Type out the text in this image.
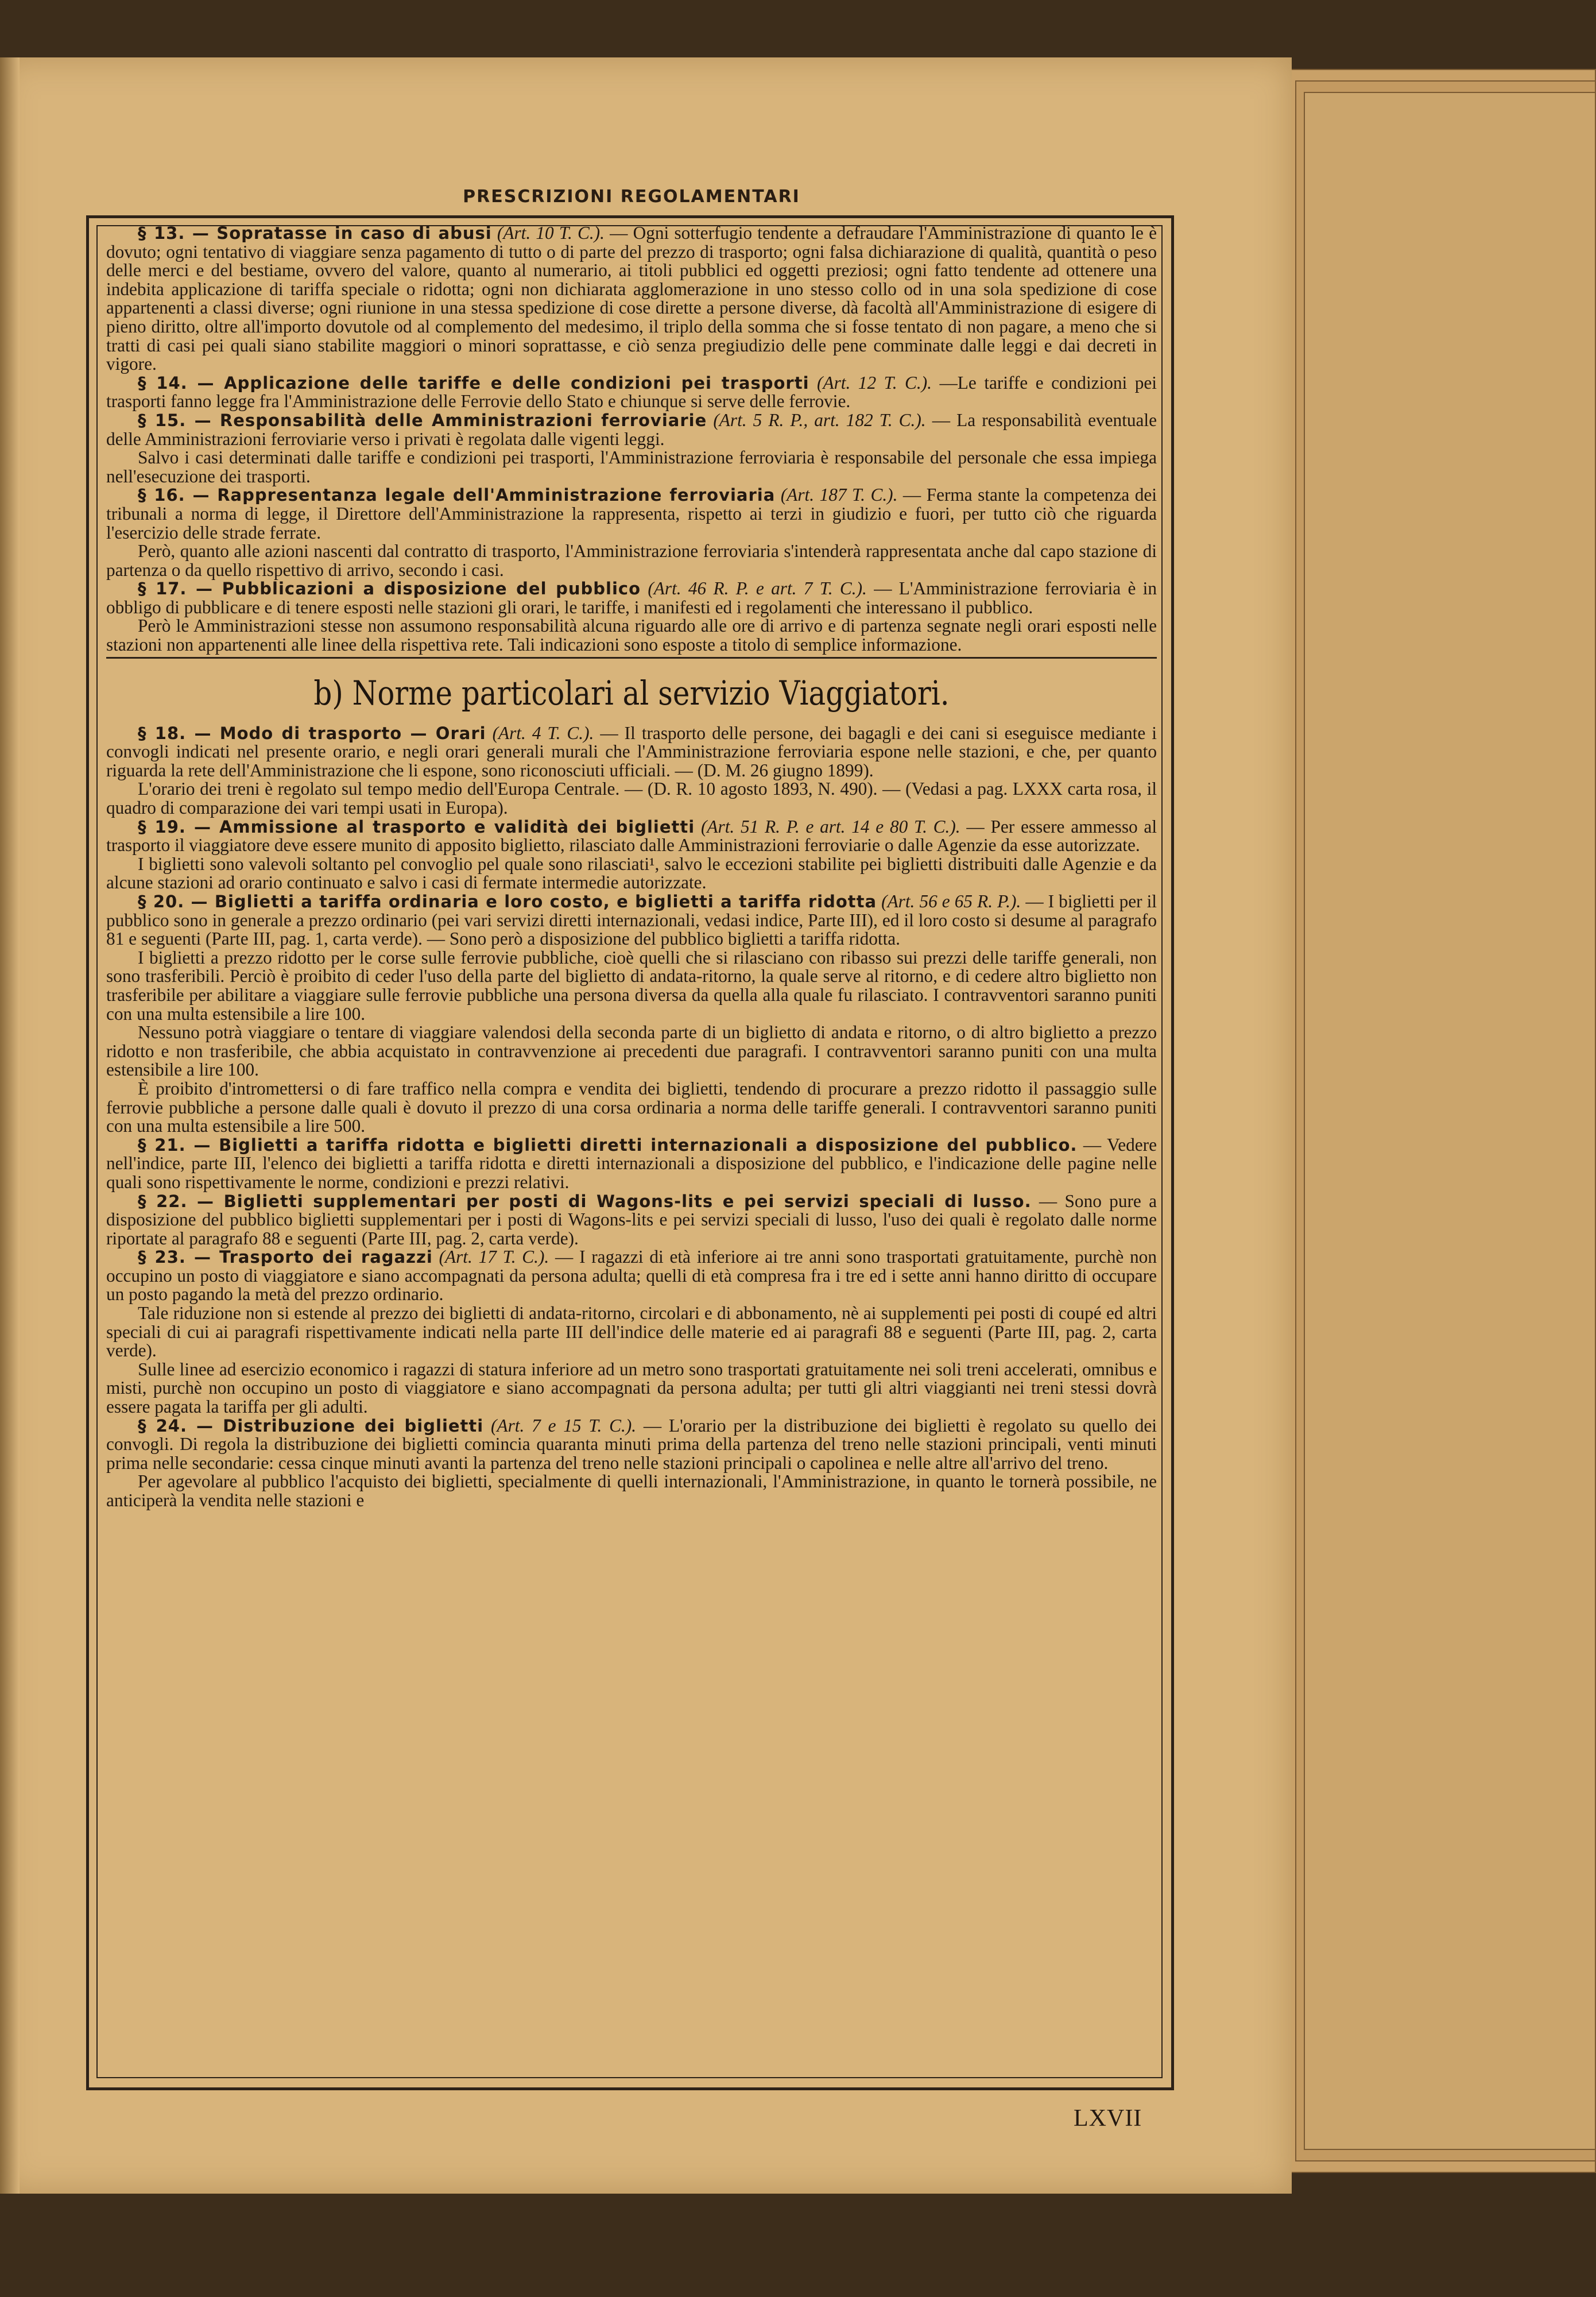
PRESCRIZIONI REGOLAMENTARI

§ 13. — Sopratasse in caso di abusi (Art. 10 T. C.). — Ogni sotterfugio tendente a defraudare l'Amministrazione di quanto le è dovuto; ogni tentativo di viaggiare senza pagamento di tutto o di parte del prezzo di trasporto; ogni falsa dichiarazione di qualità, quantità o peso delle merci e del bestiame, ovvero del valore, quanto al numerario, ai titoli pubblici ed oggetti preziosi; ogni fatto tendente ad ottenere una indebita applicazione di tariffa speciale o ridotta; ogni non dichiarata agglomerazione in uno stesso collo od in una sola spedizione di cose appartenenti a classi diverse; ogni riunione in una stessa spedizione di cose dirette a persone diverse, dà facoltà all'Amministrazione di esigere di pieno diritto, oltre all'importo dovutole od al complemento del medesimo, il triplo della somma che si fosse tentato di non pagare, a meno che si tratti di casi pei quali siano stabilite maggiori o minori soprattasse, e ciò senza pregiudizio delle pene comminate dalle leggi e dai decreti in vigore.

§ 14. — Applicazione delle tariffe e delle condizioni pei trasporti (Art. 12 T. C.). —Le tariffe e condizioni pei trasporti fanno legge fra l'Amministrazione delle Ferrovie dello Stato e chiunque si serve delle ferrovie.

§ 15. — Responsabilità delle Amministrazioni ferroviarie (Art. 5 R. P., art. 182 T. C.). — La responsabilità eventuale delle Amministrazioni ferroviarie verso i privati è regolata dalle vigenti leggi.

Salvo i casi determinati dalle tariffe e condizioni pei trasporti, l'Amministrazione ferroviaria è responsabile del personale che essa impiega nell'esecuzione dei trasporti.

§ 16. — Rappresentanza legale dell'Amministrazione ferroviaria (Art. 187 T. C.). — Ferma stante la competenza dei tribunali a norma di legge, il Direttore dell'Amministrazione la rappresenta, rispetto ai terzi in giudizio e fuori, per tutto ciò che riguarda l'esercizio delle strade ferrate.

Però, quanto alle azioni nascenti dal contratto di trasporto, l'Amministrazione ferroviaria s'intenderà rappresentata anche dal capo stazione di partenza o da quello rispettivo di arrivo, secondo i casi.

§ 17. — Pubblicazioni a disposizione del pubblico (Art. 46 R. P. e art. 7 T. C.). — L'Amministrazione ferroviaria è in obbligo di pubblicare e di tenere esposti nelle stazioni gli orari, le tariffe, i manifesti ed i regolamenti che interessano il pubblico.

Però le Amministrazioni stesse non assumono responsabilità alcuna riguardo alle ore di arrivo e di partenza segnate negli orari esposti nelle stazioni non appartenenti alle linee della rispettiva rete. Tali indicazioni sono esposte a titolo di semplice informazione.

b) Norme particolari al servizio Viaggiatori.

§ 18. — Modo di trasporto — Orari (Art. 4 T. C.). — Il trasporto delle persone, dei bagagli e dei cani si eseguisce mediante i convogli indicati nel presente orario, e negli orari generali murali che l'Amministrazione ferroviaria espone nelle stazioni, e che, per quanto riguarda la rete dell'Amministrazione che li espone, sono riconosciuti ufficiali. — (D. M. 26 giugno 1899).

L'orario dei treni è regolato sul tempo medio dell'Europa Centrale. — (D. R. 10 agosto 1893, N. 490). — (Vedasi a pag. LXXX carta rosa, il quadro di comparazione dei vari tempi usati in Europa).

§ 19. — Ammissione al trasporto e validità dei biglietti (Art. 51 R. P. e art. 14 e 80 T. C.). — Per essere ammesso al trasporto il viaggiatore deve essere munito di apposito biglietto, rilasciato dalle Amministrazioni ferroviarie o dalle Agenzie da esse autorizzate.

I biglietti sono valevoli soltanto pel convoglio pel quale sono rilasciati¹, salvo le eccezioni stabilite pei biglietti distribuiti dalle Agenzie e da alcune stazioni ad orario continuato e salvo i casi di fermate intermedie autorizzate.

§ 20. — Biglietti a tariffa ordinaria e loro costo, e biglietti a tariffa ridotta (Art. 56 e 65 R. P.). — I biglietti per il pubblico sono in generale a prezzo ordinario (pei vari servizi diretti internazionali, vedasi indice, Parte III), ed il loro costo si desume al paragrafo 81 e seguenti (Parte III, pag. 1, carta verde). — Sono però a disposizione del pubblico biglietti a tariffa ridotta.

I biglietti a prezzo ridotto per le corse sulle ferrovie pubbliche, cioè quelli che si rilasciano con ribasso sui prezzi delle tariffe generali, non sono trasferibili. Perciò è proibito di ceder l'uso della parte del biglietto di andata-ritorno, la quale serve al ritorno, e di cedere altro biglietto non trasferibile per abilitare a viaggiare sulle ferrovie pubbliche una persona diversa da quella alla quale fu rilasciato. I contravventori saranno puniti con una multa estensibile a lire 100.

Nessuno potrà viaggiare o tentare di viaggiare valendosi della seconda parte di un biglietto di andata e ritorno, o di altro biglietto a prezzo ridotto e non trasferibile, che abbia acquistato in contravvenzione ai precedenti due paragrafi. I contravventori saranno puniti con una multa estensibile a lire 100.

È proibito d'intromettersi o di fare traffico nella compra e vendita dei biglietti, tendendo di procurare a prezzo ridotto il passaggio sulle ferrovie pubbliche a persone dalle quali è dovuto il prezzo di una corsa ordinaria a norma delle tariffe generali. I contravventori saranno puniti con una multa estensibile a lire 500.

§ 21. — Biglietti a tariffa ridotta e biglietti diretti internazionali a disposizione del pubblico. — Vedere nell'indice, parte III, l'elenco dei biglietti a tariffa ridotta e diretti internazionali a disposizione del pubblico, e l'indicazione delle pagine nelle quali sono rispettivamente le norme, condizioni e prezzi relativi.

§ 22. — Biglietti supplementari per posti di Wagons-lits e pei servizi speciali di lusso. — Sono pure a disposizione del pubblico biglietti supplementari per i posti di Wagons-lits e pei servizi speciali di lusso, l'uso dei quali è regolato dalle norme riportate al paragrafo 88 e seguenti (Parte III, pag. 2, carta verde).

§ 23. — Trasporto dei ragazzi (Art. 17 T. C.). — I ragazzi di età inferiore ai tre anni sono trasportati gratuitamente, purchè non occupino un posto di viaggiatore e siano accompagnati da persona adulta; quelli di età compresa fra i tre ed i sette anni hanno diritto di occupare un posto pagando la metà del prezzo ordinario.

Tale riduzione non si estende al prezzo dei biglietti di andata-ritorno, circolari e di abbonamento, nè ai supplementi pei posti di coupé ed altri speciali di cui ai paragrafi rispettivamente indicati nella parte III dell'indice delle materie ed ai paragrafi 88 e seguenti (Parte III, pag. 2, carta verde).

Sulle linee ad esercizio economico i ragazzi di statura inferiore ad un metro sono trasportati gratuitamente nei soli treni accelerati, omnibus e misti, purchè non occupino un posto di viaggiatore e siano accompagnati da persona adulta; per tutti gli altri viaggianti nei treni stessi dovrà essere pagata la tariffa per gli adulti.

§ 24. — Distribuzione dei biglietti (Art. 7 e 15 T. C.). — L'orario per la distribuzione dei biglietti è regolato su quello dei convogli. Di regola la distribuzione dei biglietti comincia quaranta minuti prima della partenza del treno nelle stazioni principali, venti minuti prima nelle secondarie: cessa cinque minuti avanti la partenza del treno nelle stazioni principali o capolinea e nelle altre all'arrivo del treno.

Per agevolare al pubblico l'acquisto dei biglietti, specialmente di quelli internazionali, l'Amministrazione, in quanto le tornerà possibile, ne anticiperà la vendita nelle stazioni e

LXVII
